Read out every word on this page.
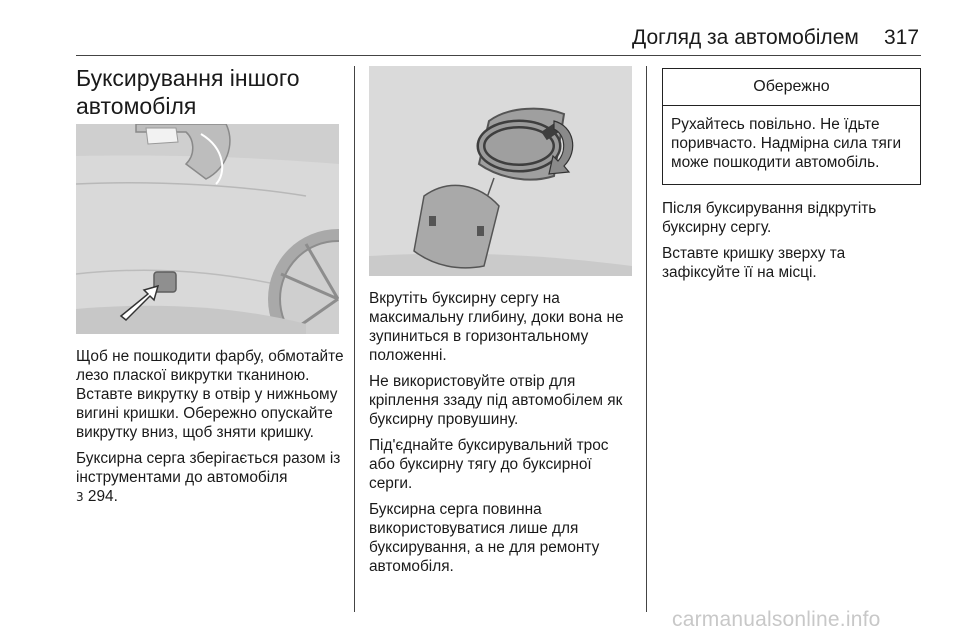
Догляд за автомобілем 317
Буксирування іншого автомобіля

Щоб не пошкодити фарбу, обмотайте лезо пласкої викрутки тканиною. Вставте викрутку в отвір у нижньому вигині кришки. Обережно опускайте викрутку вниз, щоб зняти кришку.

Буксирна серга зберігається разом із інструментами до автомобіля
3 294.

Вкрутіть буксирну сергу на максимальну глибину, доки вона не зупиниться в горизонтальному положенні.

Не використовуйте отвір для кріплення ззаду під автомобілем як буксирну провушину.

Під'єднайте буксирувальний трос або буксирну тягу до буксирної серги.

Буксирна серга повинна використовуватися лише для буксирування, а не для ремонту автомобіля.

Обережно
Рухайтесь повільно. Не їдьте поривчасто. Надмірна сила тяги може пошкодити автомобіль.

Після буксирування відкрутіть буксирну сергу.

Вставте кришку зверху та зафіксуйте її на місці.

carmanualsonline.info
